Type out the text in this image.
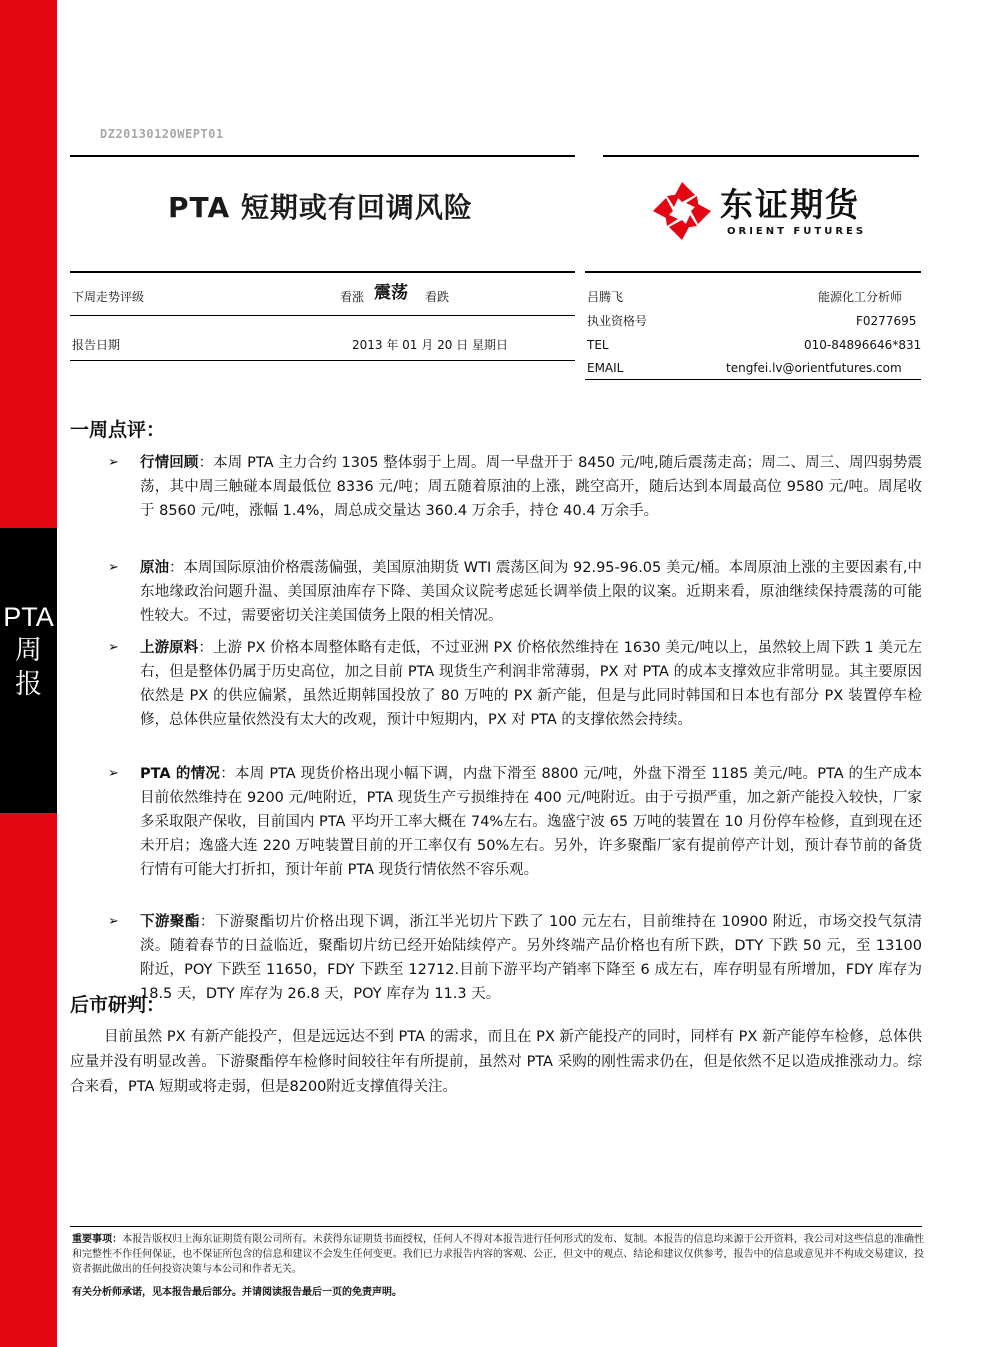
PTA
周
报
DZ20130120WEPT01
PTA 短期或有回调风险	东证期货
ORIENT FUTURES
下周走势评级	看涨 震荡 看跌
报告日期	2013 年 01 月 20 日 星期日
吕腾飞	能源化工分析师
执业资格号	F0277695
TEL	010-84896646*831
EMAIL	tengfei.lv@orientfutures.com
一周点评：
➢ 行情回顾：本周 PTA 主力合约 1305 整体弱于上周。周一早盘开于 8450 元/吨,随后震荡走高；周二、周三、周四弱势震荡，其中周三触碰本周最低位 8336 元/吨；周五随着原油的上涨，跳空高开，随后达到本周最高位 9580 元/吨。周尾收于 8560 元/吨，涨幅 1.4%，周总成交量达 360.4 万余手，持仓 40.4 万余手。
➢ 原油：本周国际原油价格震荡偏强，美国原油期货 WTI 震荡区间为 92.95-96.05 美元/桶。本周原油上涨的主要因素有,中东地缘政治问题升温、美国原油库存下降、美国众议院考虑延长调举债上限的议案。近期来看，原油继续保持震荡的可能性较大。不过，需要密切关注美国债务上限的相关情况。
➢ 上游原料：上游 PX 价格本周整体略有走低，不过亚洲 PX 价格依然维持在 1630 美元/吨以上，虽然较上周下跌 1 美元左右，但是整体仍属于历史高位，加之目前 PTA 现货生产利润非常薄弱，PX 对 PTA 的成本支撑效应非常明显。其主要原因依然是 PX 的供应偏紧，虽然近期韩国投放了 80 万吨的 PX 新产能，但是与此同时韩国和日本也有部分 PX 装置停车检修，总体供应量依然没有太大的改观，预计中短期内，PX 对 PTA 的支撑依然会持续。
➢ PTA 的情况：本周 PTA 现货价格出现小幅下调，内盘下滑至 8800 元/吨，外盘下滑至 1185 美元/吨。PTA 的生产成本目前依然维持在 9200 元/吨附近，PTA 现货生产亏损维持在 400 元/吨附近。由于亏损严重，加之新产能投入较快，厂家多采取限产保收，目前国内 PTA 平均开工率大概在 74%左右。逸盛宁波 65 万吨的装置在 10 月份停车检修，直到现在还未开启；逸盛大连 220 万吨装置目前的开工率仅有 50%左右。另外，许多聚酯厂家有提前停产计划，预计春节前的备货行情有可能大打折扣，预计年前 PTA 现货行情依然不容乐观。
➢ 下游聚酯：下游聚酯切片价格出现下调，浙江半光切片下跌了 100 元左右，目前维持在 10900 附近，市场交投气氛清淡。随着春节的日益临近，聚酯切片纺已经开始陆续停产。另外终端产品价格也有所下跌，DTY 下跌 50 元，至 13100 附近，POY 下跌至 11650，FDY 下跌至 12712.目前下游平均产销率下降至 6 成左右，库存明显有所增加，FDY 库存为 18.5 天，DTY 库存为 26.8 天，POY 库存为 11.3 天。
后市研判：
目前虽然 PX 有新产能投产，但是远远达不到 PTA 的需求，而且在 PX 新产能投产的同时，同样有 PX 新产能停车检修，总体供应量并没有明显改善。下游聚酯停车检修时间较往年有所提前，虽然对 PTA 采购的刚性需求仍在，但是依然不足以造成推涨动力。综合来看，PTA 短期或将走弱，但是8200附近支撑值得关注。
重要事项：本报告版权归上海东证期货有限公司所有。未获得东证期货书面授权，任何人不得对本报告进行任何形式的发布、复制。本报告的信息均来源于公开资料，我公司对这些信息的准确性和完整性不作任何保证，也不保证所包含的信息和建议不会发生任何变更。我们已力求报告内容的客观、公正，但文中的观点、结论和建议仅供参考，报告中的信息或意见并不构成交易建议，投资者据此做出的任何投资决策与本公司和作者无关。
有关分析师承诺，见本报告最后部分。并请阅读报告最后一页的免责声明。
